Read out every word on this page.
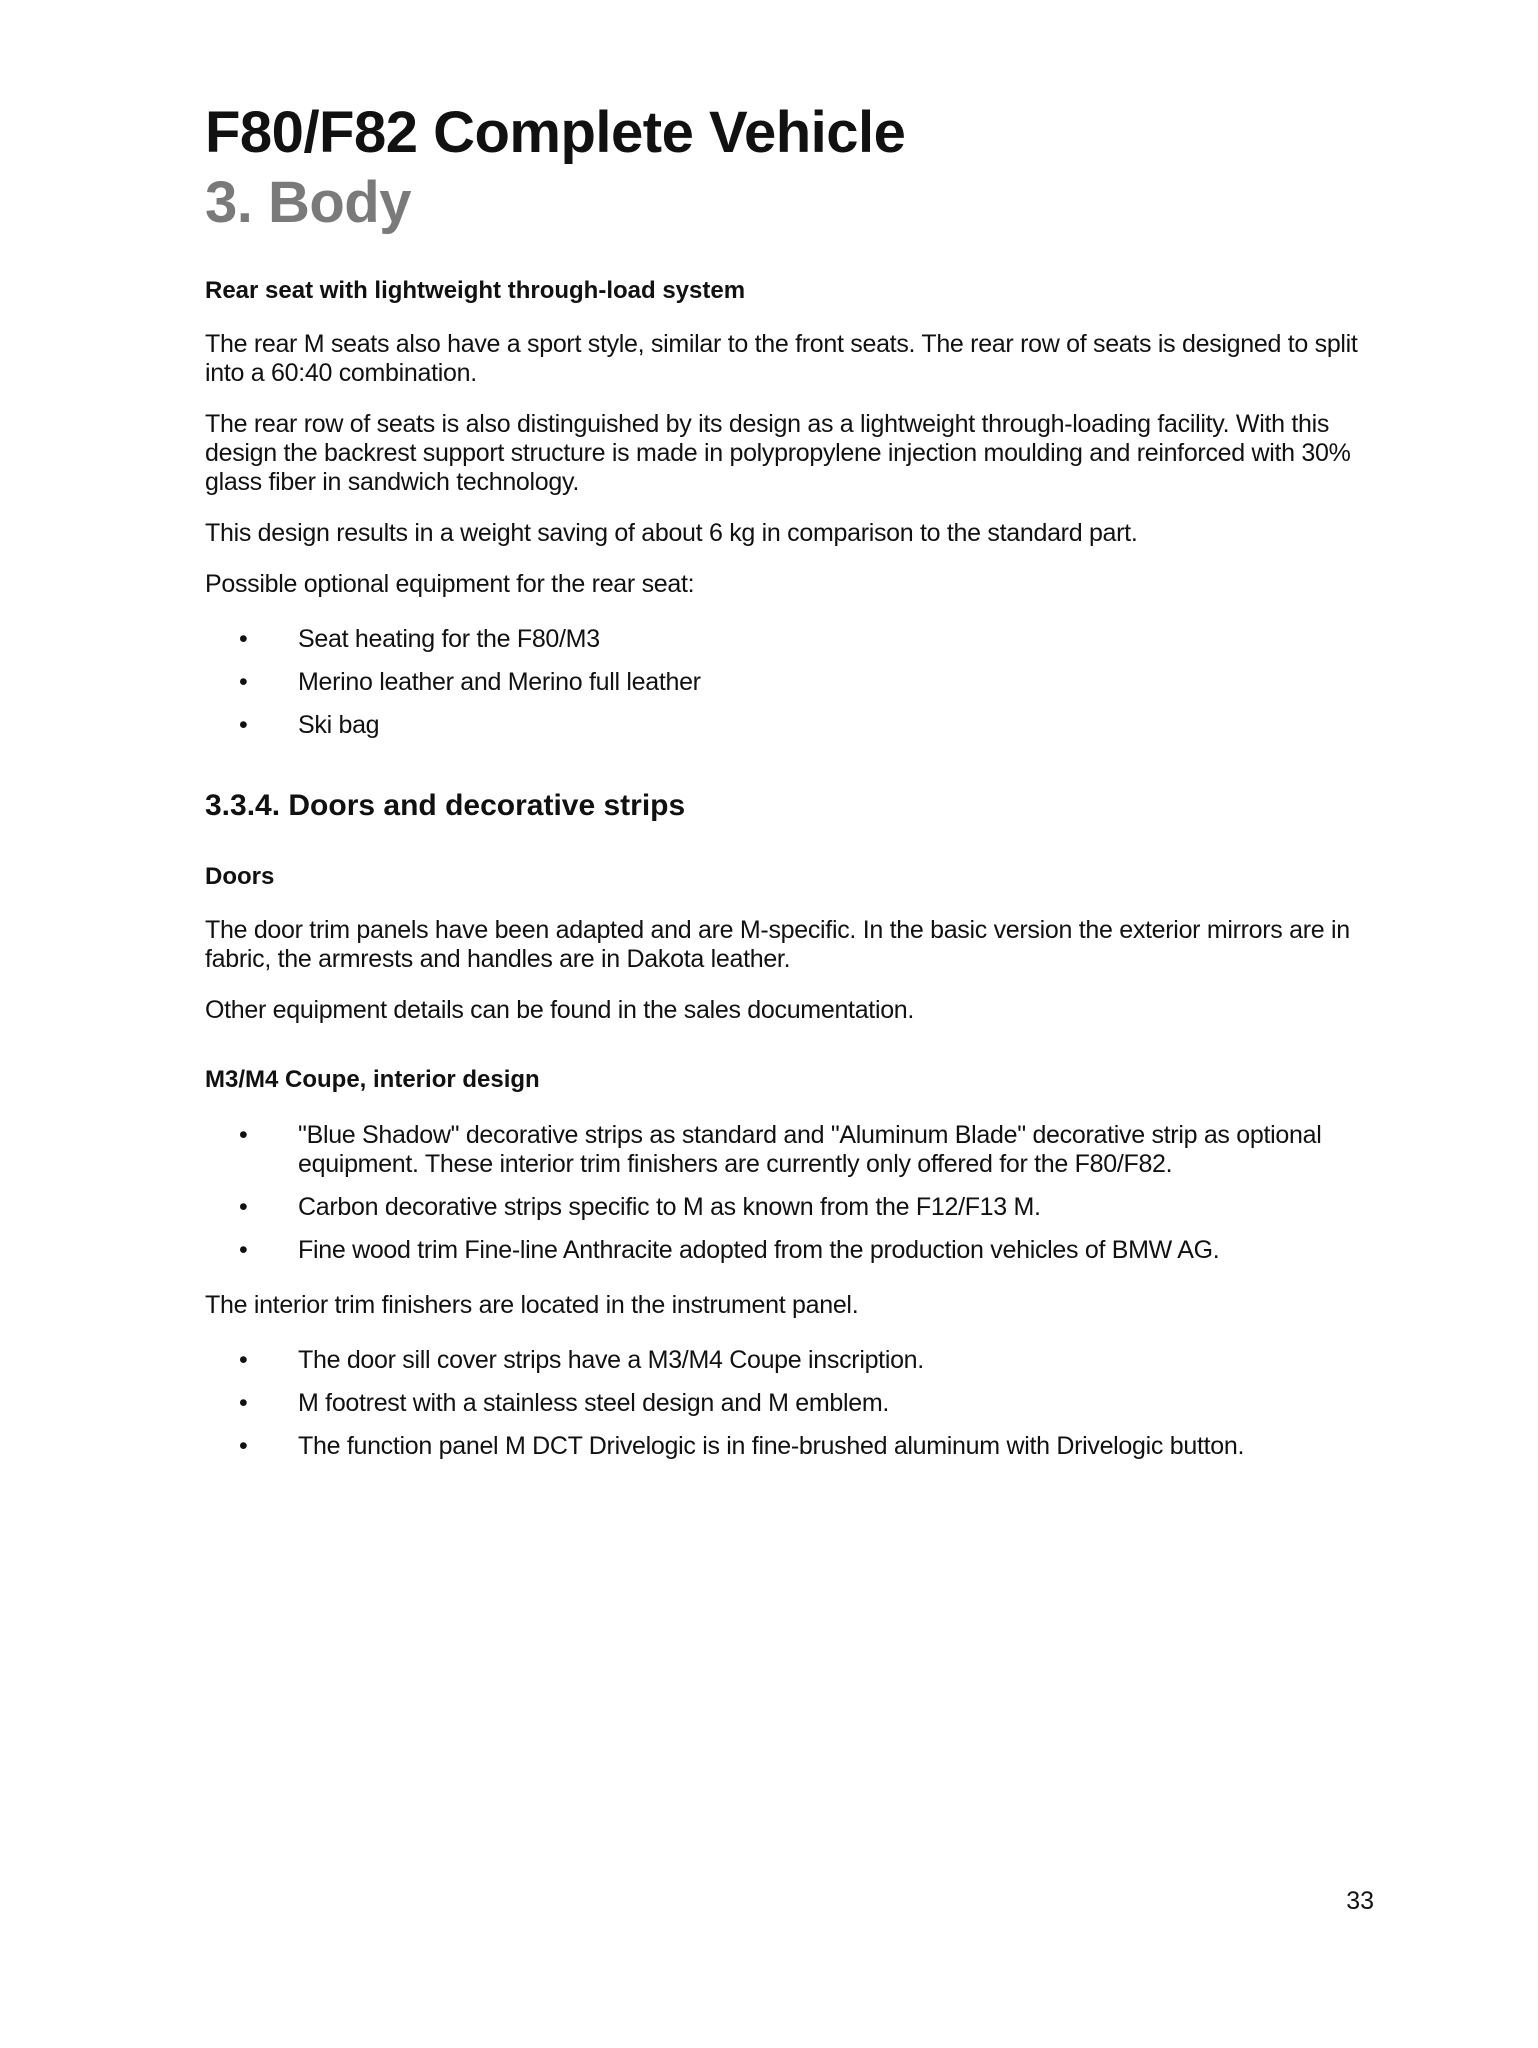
F80/F82 Complete Vehicle
3. Body
Rear seat with lightweight through-load system

The rear M seats also have a sport style, similar to the front seats. The rear row of seats is designed to split into a 60:40 combination.

The rear row of seats is also distinguished by its design as a lightweight through-loading facility. With this design the backrest support structure is made in polypropylene injection moulding and reinforced with 30% glass fiber in sandwich technology.

This design results in a weight saving of about 6 kg in comparison to the standard part.

Possible optional equipment for the rear seat:

• Seat heating for the F80/M3
• Merino leather and Merino full leather
• Ski bag
3.3.4. Doors and decorative strips
Doors

The door trim panels have been adapted and are M-specific. In the basic version the exterior mirrors are in fabric, the armrests and handles are in Dakota leather.

Other equipment details can be found in the sales documentation.

M3/M4 Coupe, interior design
• "Blue Shadow" decorative strips as standard and "Aluminum Blade" decorative strip as optional equipment. These interior trim finishers are currently only offered for the F80/F82.
• Carbon decorative strips specific to M as known from the F12/F13 M.
• Fine wood trim Fine-line Anthracite adopted from the production vehicles of BMW AG.

The interior trim finishers are located in the instrument panel.

• The door sill cover strips have a M3/M4 Coupe inscription.
• M footrest with a stainless steel design and M emblem.
• The function panel M DCT Drivelogic is in fine-brushed aluminum with Drivelogic button.
33
